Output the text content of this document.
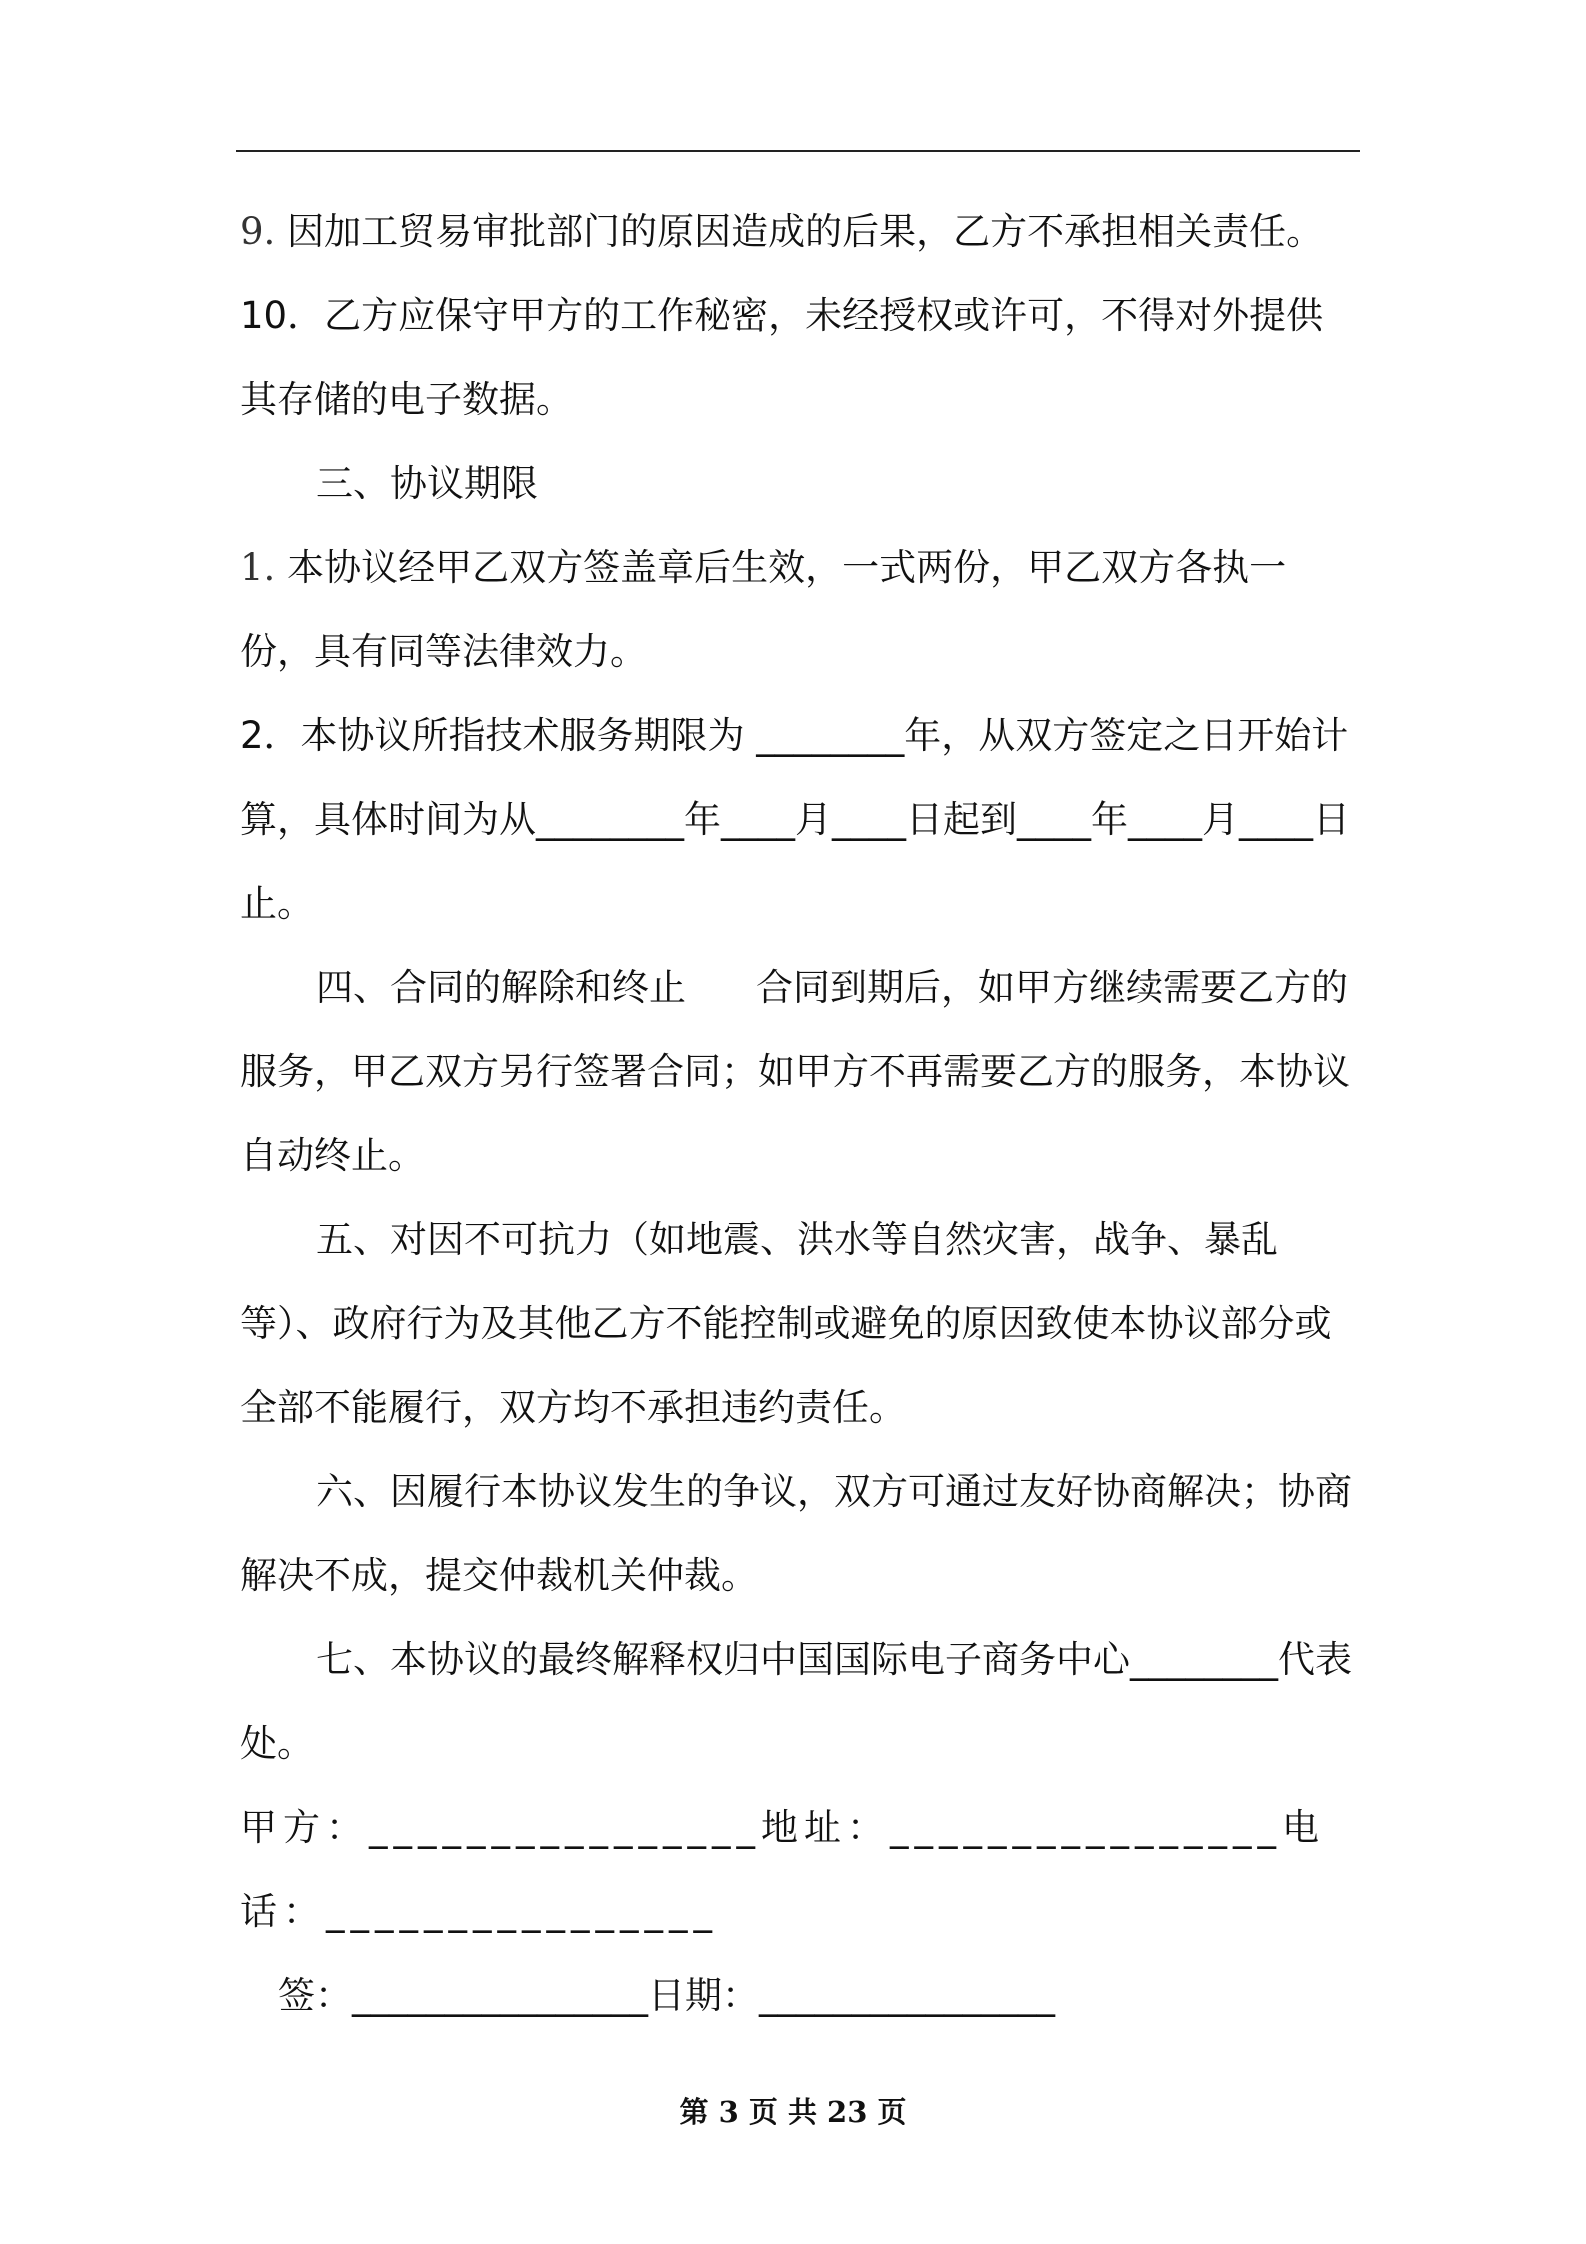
9. 因加工贸易审批部门的原因造成的后果，乙方不承担相关责任。

10．乙方应保守甲方的工作秘密，未经授权或许可，不得对外提供其存储的电子数据。

三、协议期限

1. 本协议经甲乙双方签盖章后生效，一式两份，甲乙双方各执一份，具有同等法律效力。

2．本协议所指技术服务期限为 ________年，从双方签定之日开始计算，具体时间为从________年____月____日起到____年____月____日止。

四、合同的解除和终止 合同到期后，如甲方继续需要乙方的服务，甲乙双方另行签署合同；如甲方不再需要乙方的服务，本协议自动终止。

五、对因不可抗力（如地震、洪水等自然灾害，战争、暴乱等）、政府行为及其他乙方不能控制或避免的原因致使本协议部分或全部不能履行，双方均不承担违约责任。

六、因履行本协议发生的争议，双方可通过友好协商解决；协商解决不成，提交仲裁机关仲裁。

七、本协议的最终解释权归中国国际电子商务中心________代表处。

甲方：________________地址：________________电话：________________

签：________________日期：________________

第 3 页 共 23 页
